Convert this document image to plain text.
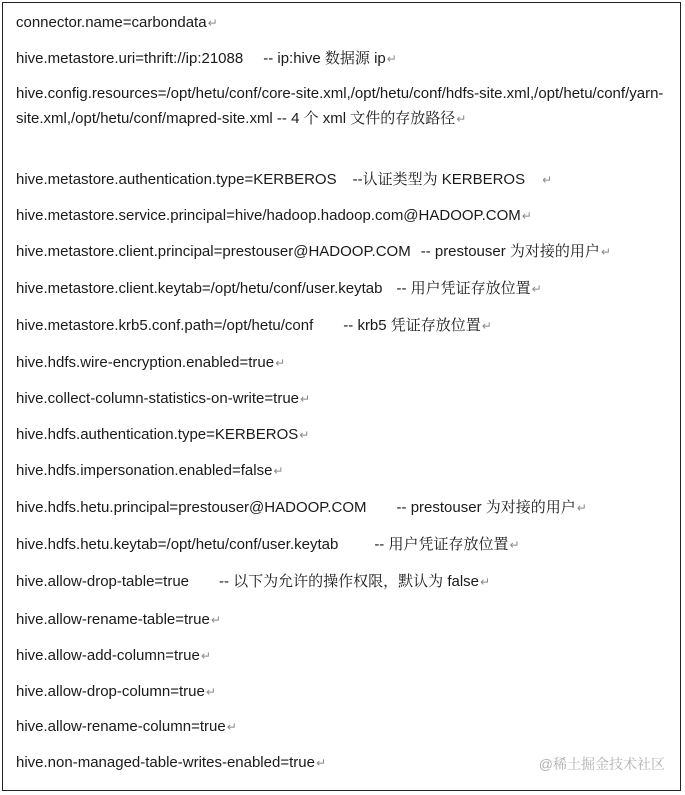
connector.name=carbondata↵
hive.metastore.uri=thrift://ip:21088 -- ip:hive 数据源 ip↵
hive.config.resources=/opt/hetu/conf/core-site.xml,/opt/hetu/conf/hdfs-site.xml,/opt/hetu/conf/yarn-site.xml,/opt/hetu/conf/mapred-site.xml -- 4 个 xml 文件的存放路径↵
hive.metastore.authentication.type=KERBEROS --认证类型为 KERBEROS ↵
hive.metastore.service.principal=hive/hadoop.hadoop.com@HADOOP.COM↵
hive.metastore.client.principal=prestouser@HADOOP.COM -- prestouser 为对接的用户↵
hive.metastore.client.keytab=/opt/hetu/conf/user.keytab -- 用户凭证存放位置↵
hive.metastore.krb5.conf.path=/opt/hetu/conf -- krb5 凭证存放位置↵
hive.hdfs.wire-encryption.enabled=true↵
hive.collect-column-statistics-on-write=true↵
hive.hdfs.authentication.type=KERBEROS↵
hive.hdfs.impersonation.enabled=false↵
hive.hdfs.hetu.principal=prestouser@HADOOP.COM -- prestouser 为对接的用户↵
hive.hdfs.hetu.keytab=/opt/hetu/conf/user.keytab -- 用户凭证存放位置↵
hive.allow-drop-table=true -- 以下为允许的操作权限，默认为 false↵
hive.allow-rename-table=true↵
hive.allow-add-column=true↵
hive.allow-drop-column=true↵
hive.allow-rename-column=true↵
hive.non-managed-table-writes-enabled=true↵	@稀土掘金技术社区
